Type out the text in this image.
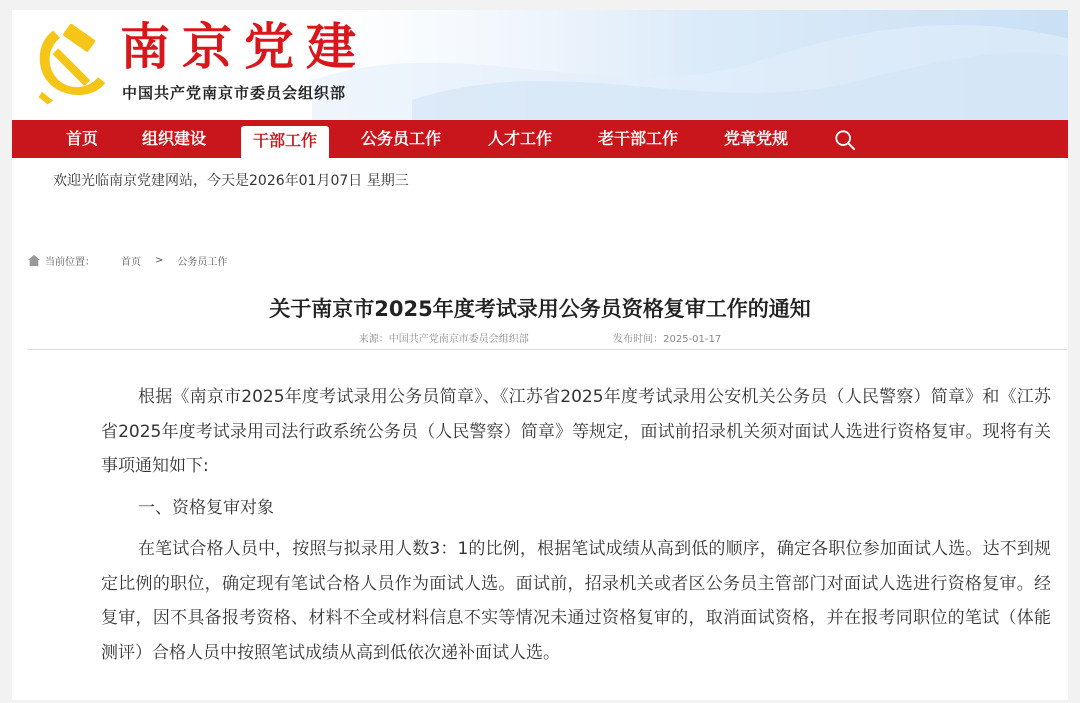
南京党建
中国共产党南京市委员会组织部
首页	组织建设	干部工作	公务员工作	人才工作	老干部工作	党章党规
欢迎光临南京党建网站，今天是2026年01月07日 星期三
当前位置：	首页 > 公务员工作
关于南京市2025年度考试录用公务员资格复审工作的通知
来源：中国共产党南京市委员会组织部	发布时间：2025-01-17

根据《南京市2025年度考试录用公务员简章》、《江苏省2025年度考试录用公安机关公务员（人民警察）简章》和《江苏省2025年度考试录用司法行政系统公务员（人民警察）简章》等规定，面试前招录机关须对面试人选进行资格复审。现将有关事项通知如下:

一、资格复审对象

在笔试合格人员中，按照与拟录用人数3：1的比例，根据笔试成绩从高到低的顺序，确定各职位参加面试人选。达不到规定比例的职位，确定现有笔试合格人员作为面试人选。面试前，招录机关或者区公务员主管部门对面试人选进行资格复审。经复审，因不具备报考资格、材料不全或材料信息不实等情况未通过资格复审的，取消面试资格，并在报考同职位的笔试（体能测评）合格人员中按照笔试成绩从高到低依次递补面试人选。
